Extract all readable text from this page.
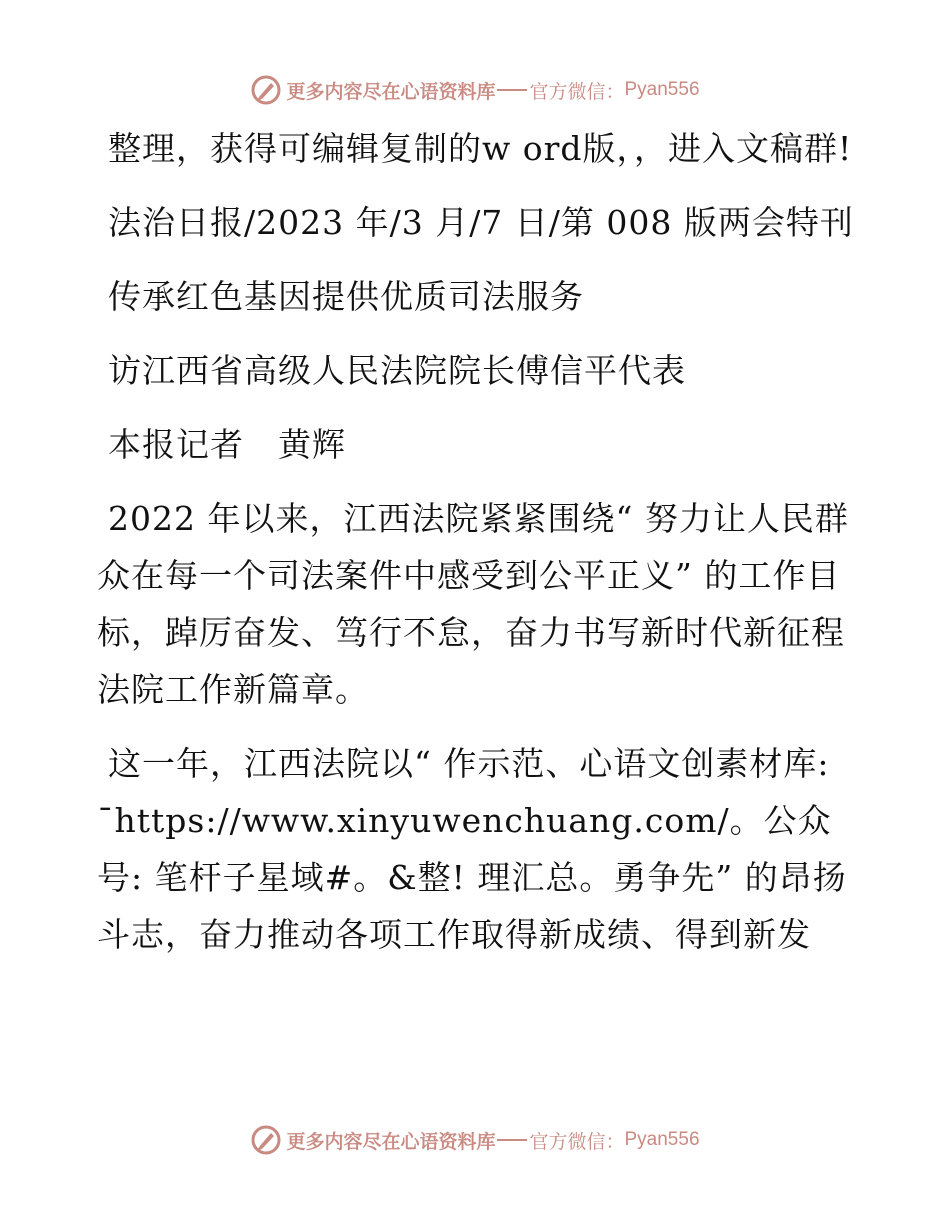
更多内容尽在心语资料库 官方微信： Pyan556

整理，获得可编辑复制的w ord版，，进入文稿群!

法治日报/2023 年/3 月/7 日/第 008 版两会特刊

传承红色基因提供优质司法服务

访江西省高级人民法院院长傅信平代表

本报记者　黄辉

2022 年以来，江西法院紧紧围绕“ 努力让人民群众在每一个司法案件中感受到公平正义” 的工作目标，踔厉奋发、笃行不怠，奋力书写新时代新征程法院工作新篇章。

这一年，江西法院以“ 作示范、心语文创素材库: ¯https://www.xinyuwenchuang.com/。公众号: 笔杆子星域#。&整! 理汇总。勇争先” 的昂扬斗志，奋力推动各项工作取得新成绩、得到新发

更多内容尽在心语资料库 官方微信： Pyan556
